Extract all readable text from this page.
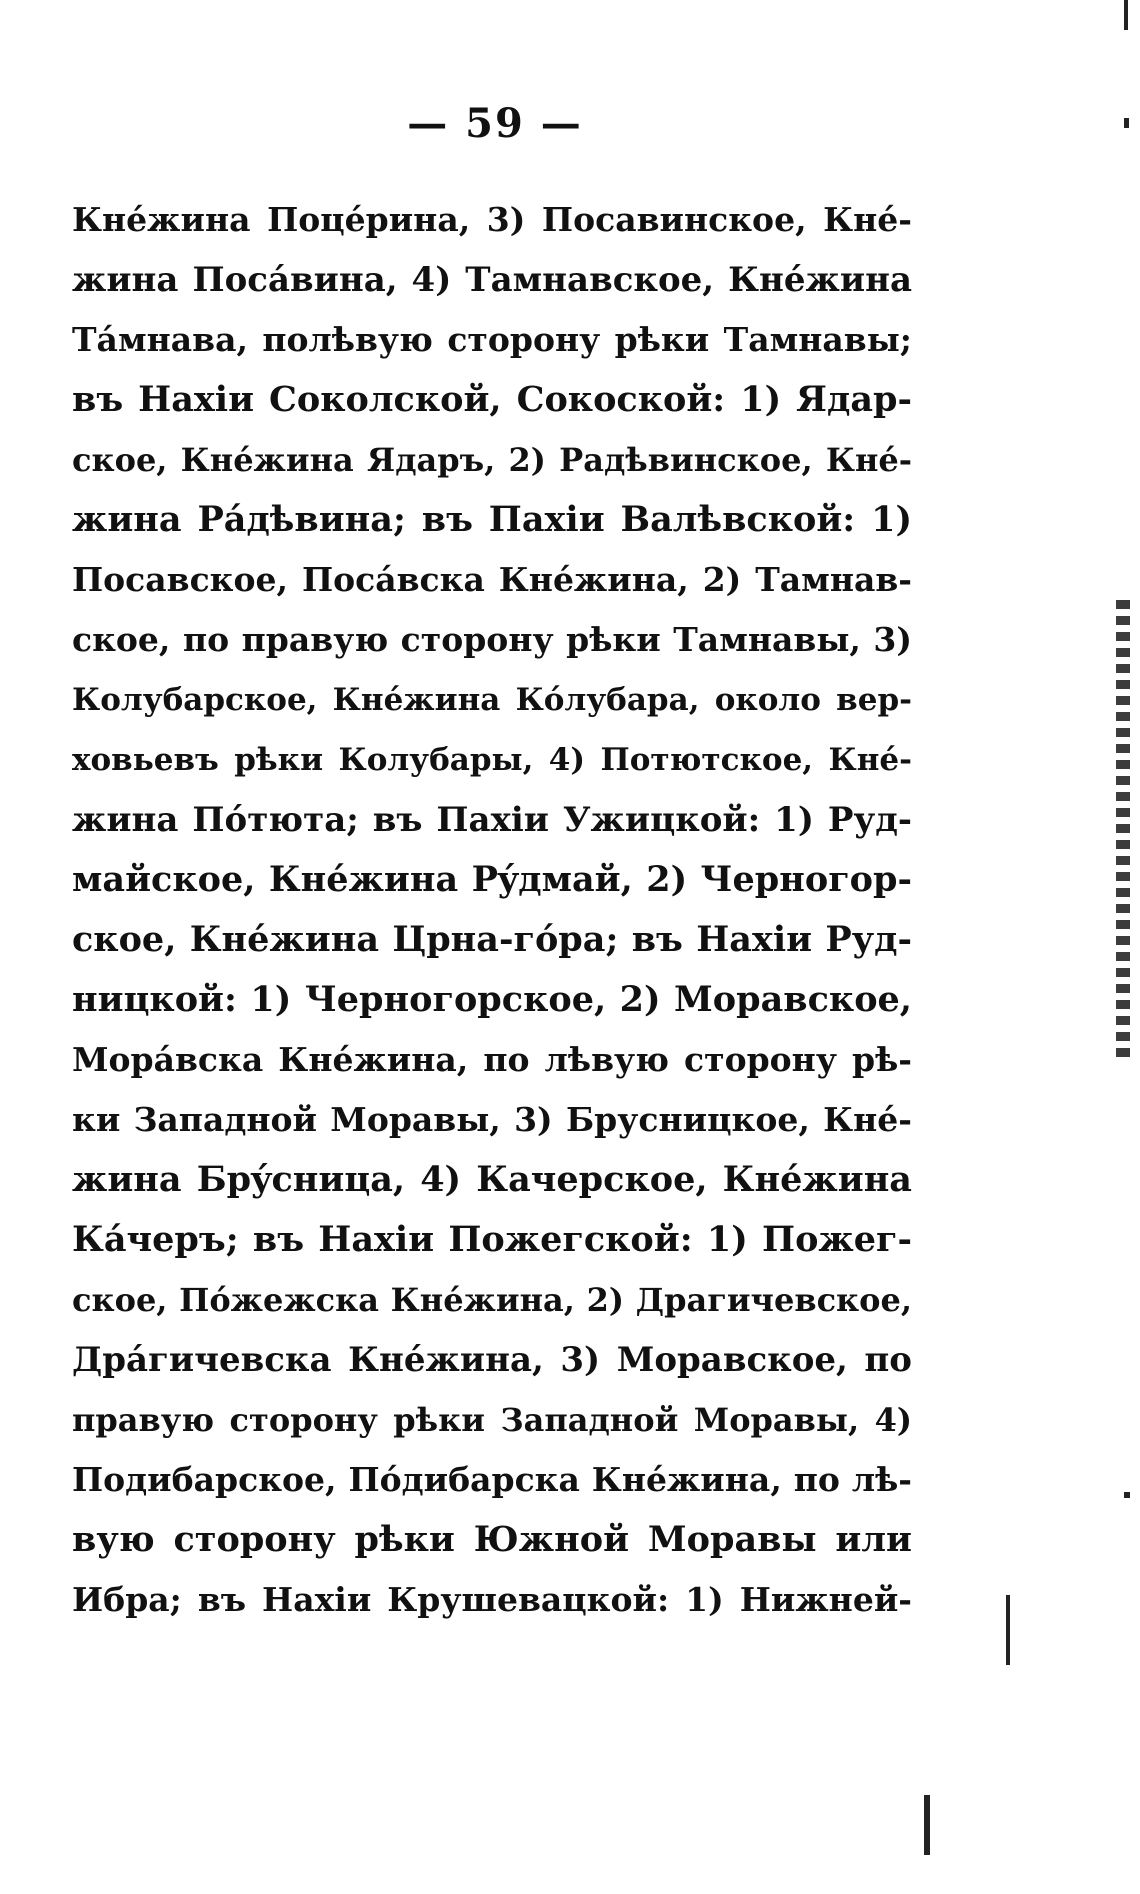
— 59 —
Кнéжина Поцéрина, 3) Посавинское, Кнé-
жина Посáвина, 4) Тамнавское, Кнéжина
Тáмнава, полѣвую сторону рѣки Тамнавы;
въ Нахіи Соколской, Сокоской: 1) Ядар-
ское, Кнéжина Ядаръ, 2) Радѣвинское, Кнé-
жина Рáдѣвина; въ Пахіи Валѣвской: 1)
Посавское, Посáвска Кнéжина, 2) Тамнав-
ское, по правую сторону рѣки Тамнавы, 3)
Колубарское, Кнéжина Кóлубара, около вер-
ховьевъ рѣки Колубары, 4) Потютское, Кнé-
жина Пóтюта; въ Пахіи Ужицкой: 1) Руд-
майское, Кнéжина Рýдмай, 2) Черногор-
ское, Кнéжина Црна-гóра; въ Нахіи Руд-
ницкой: 1) Черногорское, 2) Моравское,
Морáвска Кнéжина, по лѣвую сторону рѣ-
ки Западной Моравы, 3) Брусницкое, Кнé-
жина Брýсница, 4) Качерское, Кнéжина
Кáчеръ; въ Нахіи Пожегской: 1) Пожег-
ское, Пóжежска Кнéжина, 2) Драгичевское,
Дрáгичевска Кнéжина, 3) Моравское, по
правую сторону рѣки Западной Моравы, 4)
Подибарское, Пóдибарска Кнéжина, по лѣ-
вую сторону рѣки Южной Моравы или
Ибра; въ Нахіи Крушевацкой: 1) Нижней-
